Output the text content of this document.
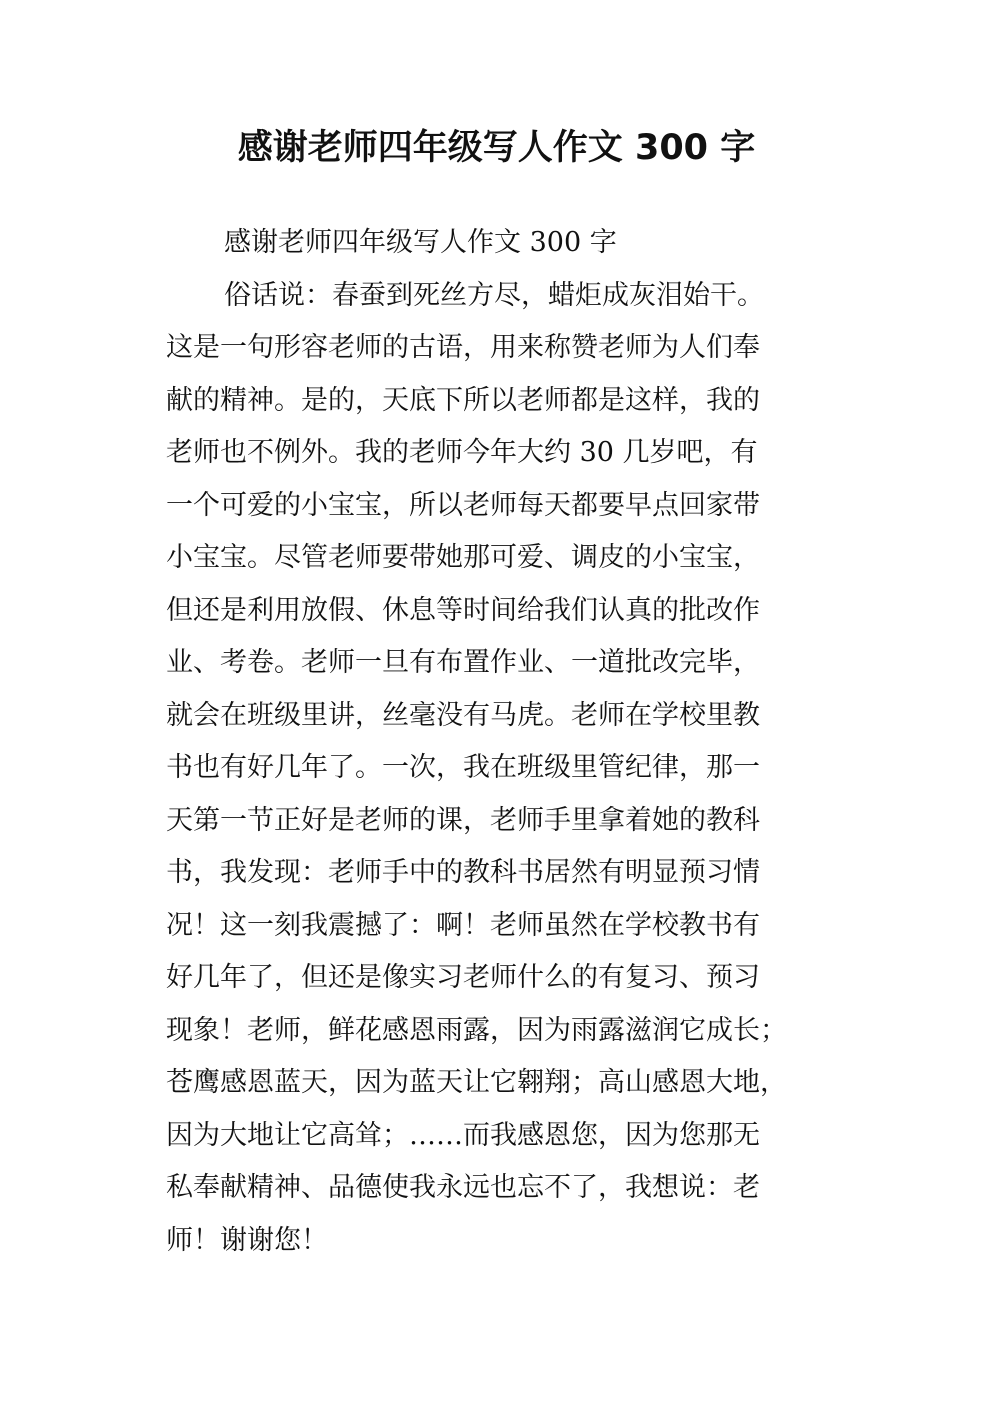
感谢老师四年级写人作文 300 字
感谢老师四年级写人作文 300 字
俗话说：春蚕到死丝方尽，蜡炬成灰泪始干。
这是一句形容老师的古语，用来称赞老师为人们奉
献的精神。是的，天底下所以老师都是这样，我的
老师也不例外。我的老师今年大约 30 几岁吧，有
一个可爱的小宝宝，所以老师每天都要早点回家带
小宝宝。尽管老师要带她那可爱、调皮的小宝宝，
但还是利用放假、休息等时间给我们认真的批改作
业、考卷。老师一旦有布置作业、一道批改完毕，
就会在班级里讲，丝毫没有马虎。老师在学校里教
书也有好几年了。一次，我在班级里管纪律，那一
天第一节正好是老师的课，老师手里拿着她的教科
书，我发现：老师手中的教科书居然有明显预习情
况！这一刻我震撼了：啊！老师虽然在学校教书有
好几年了，但还是像实习老师什么的有复习、预习
现象！老师，鲜花感恩雨露，因为雨露滋润它成长；
苍鹰感恩蓝天，因为蓝天让它翱翔；高山感恩大地，
因为大地让它高耸；……而我感恩您，因为您那无
私奉献精神、品德使我永远也忘不了，我想说：老
师！谢谢您！
